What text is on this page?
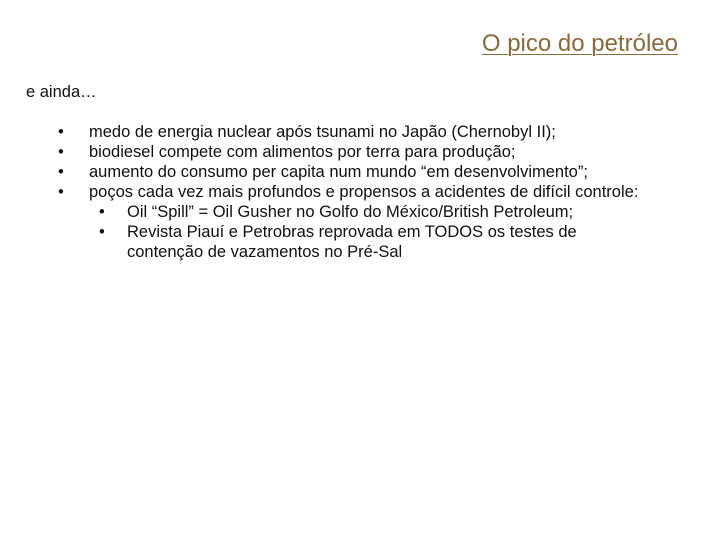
O pico do petróleo
e ainda…
• medo de energia nuclear após tsunami no Japão (Chernobyl II);
• biodiesel compete com alimentos por terra para produção;
• aumento do consumo per capita num mundo “em desenvolvimento”;
• poços cada vez mais profundos e propensos a acidentes de difícil controle:
• Oil “Spill” = Oil Gusher no Golfo do México/British Petroleum;
• Revista Piauí e Petrobras reprovada em TODOS os testes de
contenção de vazamentos no Pré-Sal
